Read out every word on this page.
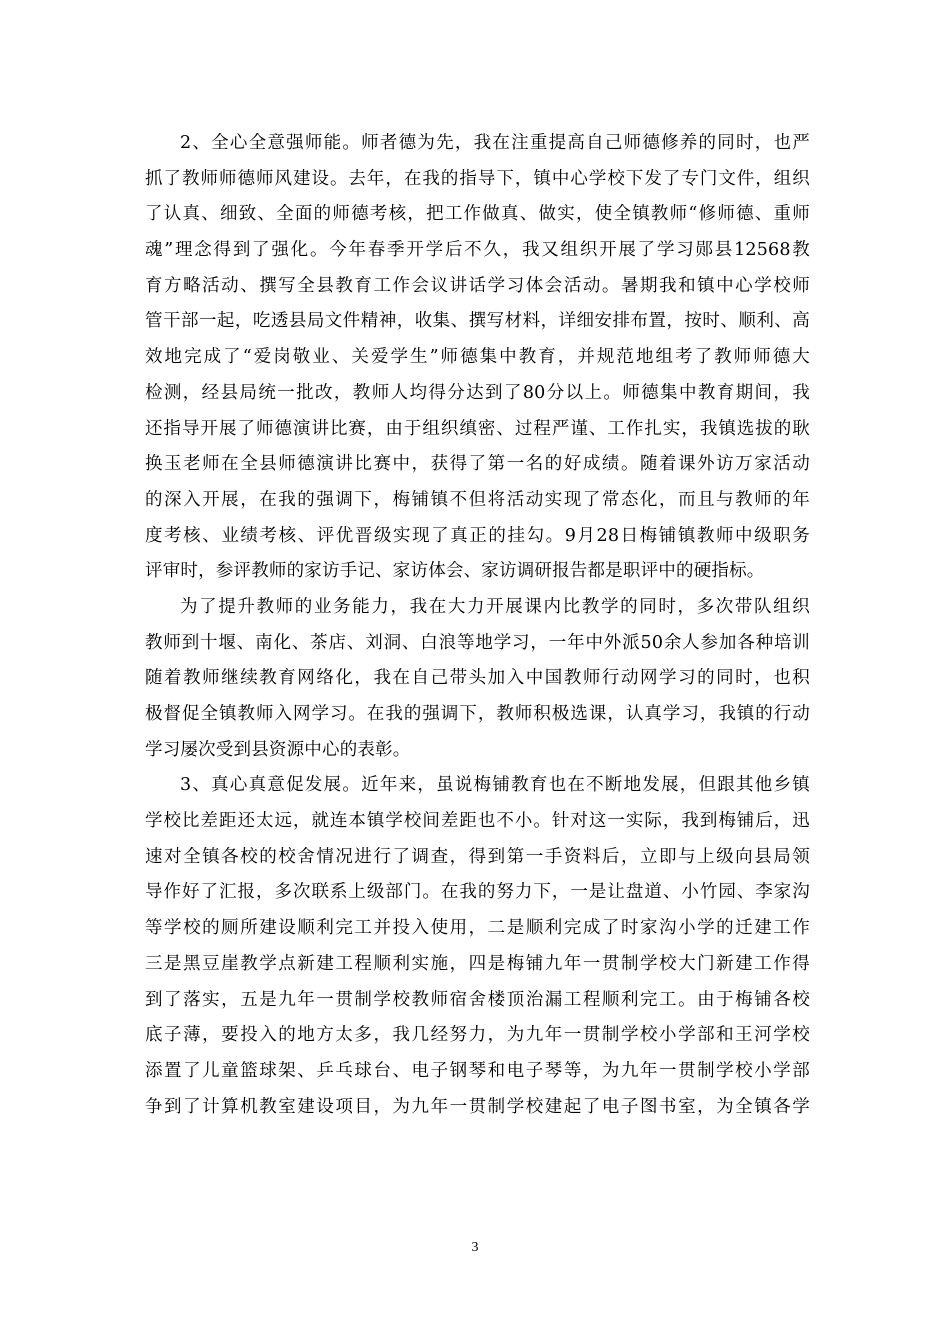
2、全心全意强师能。师者德为先，我在注重提高自己师德修养的同时，也严
抓了教师师德师风建设。去年，在我的指导下，镇中心学校下发了专门文件，组织
了认真、细致、全面的师德考核，把工作做真、做实，使全镇教师“修师德、重师
魂”理念得到了强化。今年春季开学后不久，我又组织开展了学习郧县12568教
育方略活动、撰写全县教育工作会议讲话学习体会活动。暑期我和镇中心学校师
管干部一起，吃透县局文件精神，收集、撰写材料，详细安排布置，按时、顺利、高
效地完成了“爱岗敬业、关爱学生”师德集中教育，并规范地组考了教师师德大
检测，经县局统一批改，教师人均得分达到了80分以上。师德集中教育期间，我
还指导开展了师德演讲比赛，由于组织缜密、过程严谨、工作扎实，我镇选拔的耿
换玉老师在全县师德演讲比赛中，获得了第一名的好成绩。随着课外访万家活动
的深入开展，在我的强调下，梅铺镇不但将活动实现了常态化，而且与教师的年
度考核、业绩考核、评优晋级实现了真正的挂勾。9月28日梅铺镇教师中级职务
评审时，参评教师的家访手记、家访体会、家访调研报告都是职评中的硬指标。
为了提升教师的业务能力，我在大力开展课内比教学的同时，多次带队组织
教师到十堰、南化、茶店、刘洞、白浪等地学习，一年中外派50余人参加各种培训
随着教师继续教育网络化，我在自己带头加入中国教师行动网学习的同时，也积
极督促全镇教师入网学习。在我的强调下，教师积极选课，认真学习，我镇的行动
学习屡次受到县资源中心的表彰。
3、真心真意促发展。近年来，虽说梅铺教育也在不断地发展，但跟其他乡镇
学校比差距还太远，就连本镇学校间差距也不小。针对这一实际，我到梅铺后，迅
速对全镇各校的校舍情况进行了调查，得到第一手资料后，立即与上级向县局领
导作好了汇报，多次联系上级部门。在我的努力下，一是让盘道、小竹园、李家沟
等学校的厕所建设顺利完工并投入使用，二是顺利完成了时家沟小学的迁建工作
三是黑豆崖教学点新建工程顺利实施，四是梅铺九年一贯制学校大门新建工作得
到了落实，五是九年一贯制学校教师宿舍楼顶治漏工程顺利完工。由于梅铺各校
底子薄，要投入的地方太多，我几经努力，为九年一贯制学校小学部和王河学校
添置了儿童篮球架、乒乓球台、电子钢琴和电子琴等，为九年一贯制学校小学部
争到了计算机教室建设项目，为九年一贯制学校建起了电子图书室，为全镇各学
3
